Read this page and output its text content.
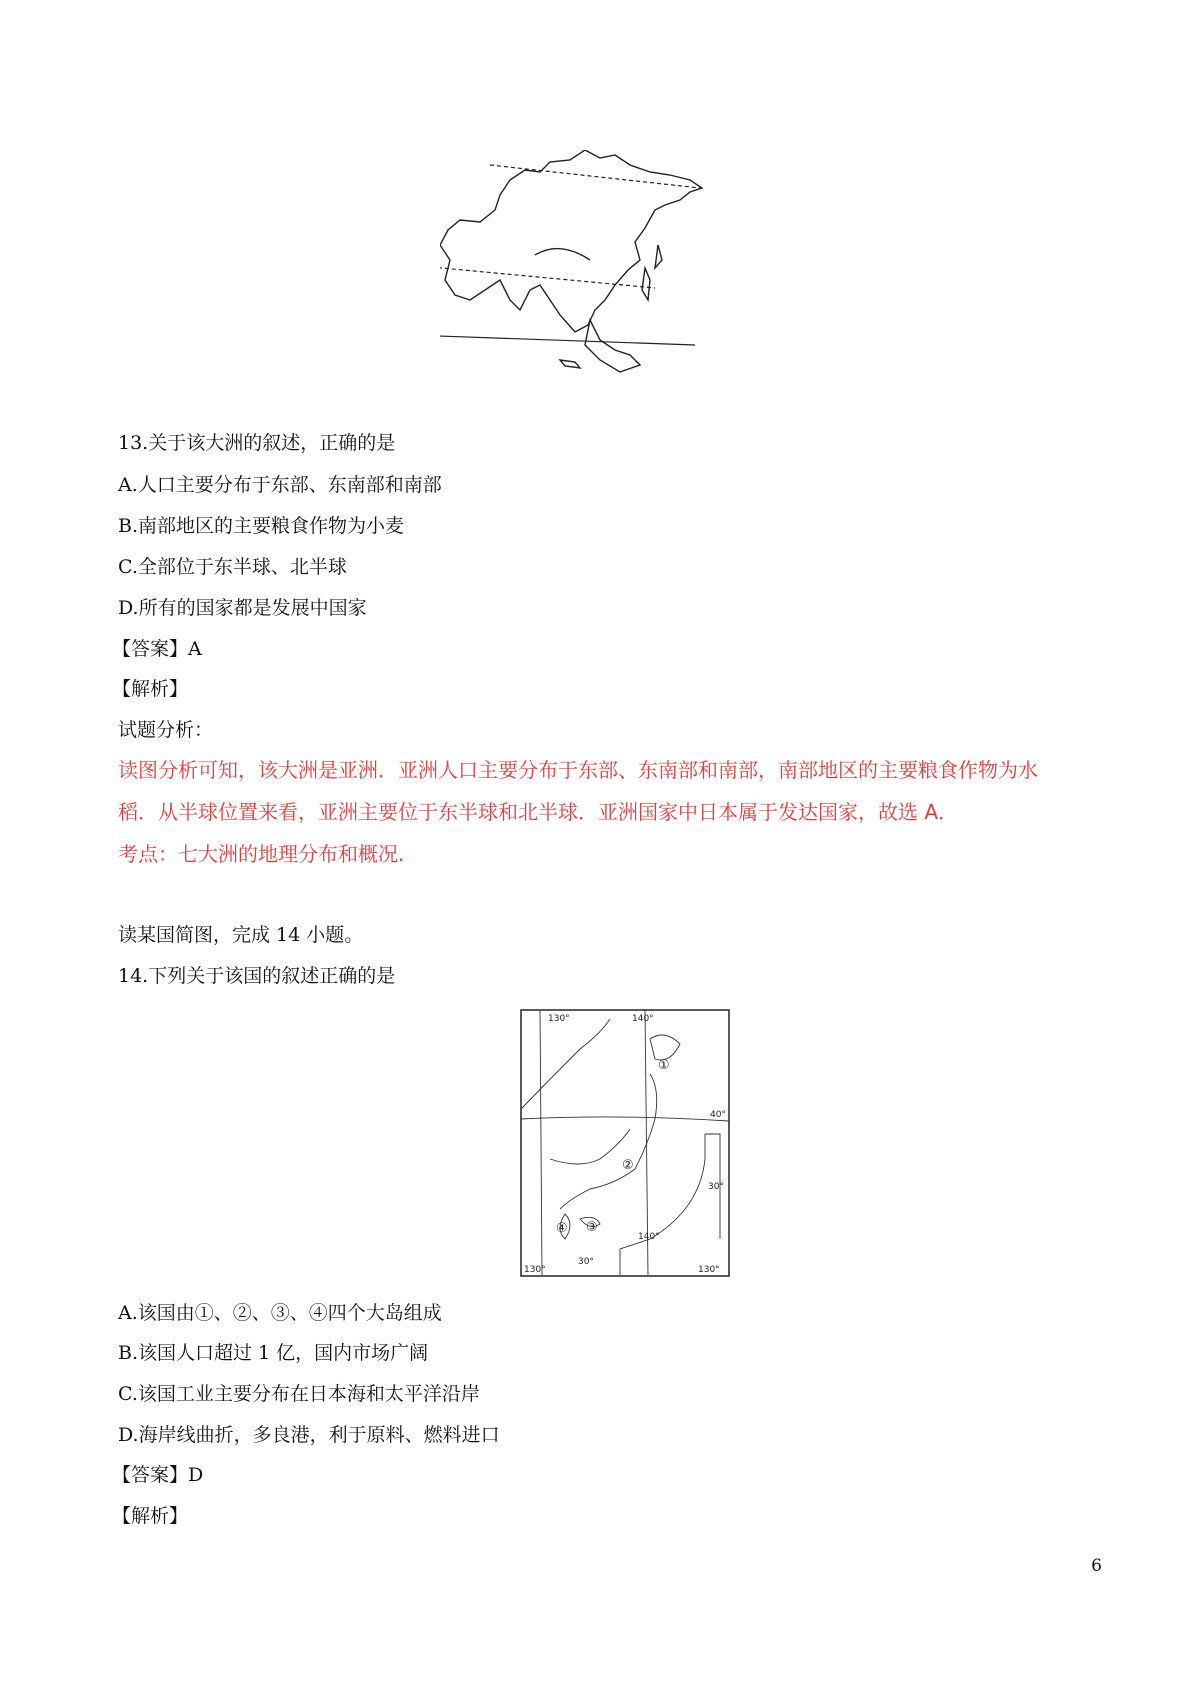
13.关于该大洲的叙述，正确的是
A.人口主要分布于东部、东南部和南部
B.南部地区的主要粮食作物为小麦
C.全部位于东半球、北半球
D.所有的国家都是发展中国家
【答案】A
【解析】
试题分析：
读图分析可知，该大洲是亚洲．亚洲人口主要分布于东部、东南部和南部，南部地区的主要粮食作物为水
稻．从半球位置来看，亚洲主要位于东半球和北半球．亚洲国家中日本属于发达国家，故选 A．
考点：七大洲的地理分布和概况.
读某国简图，完成 14 小题。
14.下列关于该国的叙述正确的是
130°	140°
40°
30°
140°
130°
30°
130°
①
②
③
④
A.该国由①、②、③、④四个大岛组成
B.该国人口超过 1 亿，国内市场广阔
C.该国工业主要分布在日本海和太平洋沿岸
D.海岸线曲折，多良港，利于原料、燃料进口
【答案】D
【解析】
6
